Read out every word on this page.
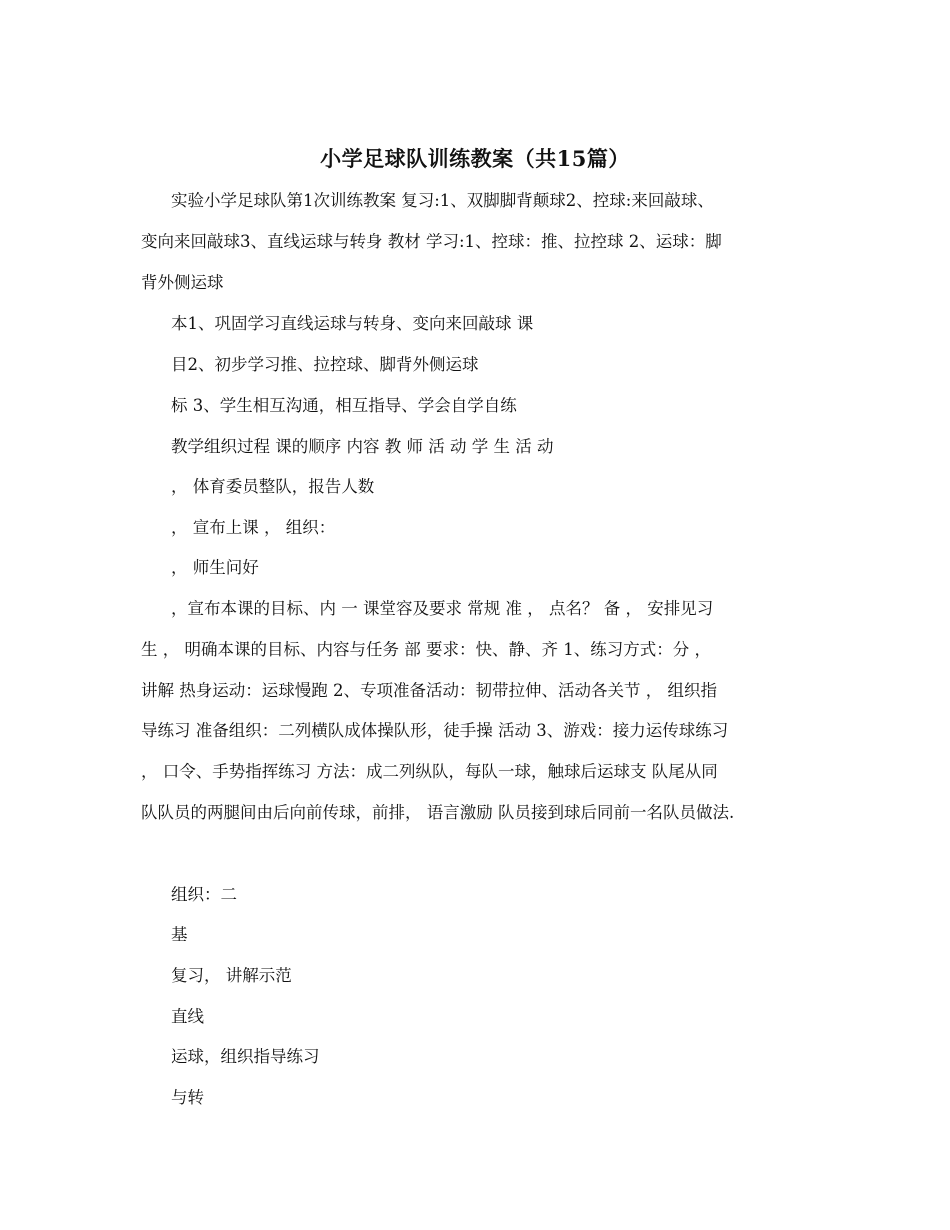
小学足球队训练教案（共15篇）

实验小学足球队第1次训练教案 复习:1、双脚脚背颠球2、控球:来回敲球、

变向来回敲球3、直线运球与转身 教材 学习:1、控球：推、拉控球 2、运球：脚

背外侧运球

本1、巩固学习直线运球与转身、变向来回敲球 课

目2、初步学习推、拉控球、脚背外侧运球

标 3、学生相互沟通，相互指导、学会自学自练

教学组织过程 课的顺序 内容 教 师 活 动 学 生 活 动

， 体育委员整队，报告人数

， 宣布上课 ， 组织：

， 师生问好

，宣布本课的目标、内 一 课堂容及要求 常规 准 ， 点名？ 备 ， 安排见习

生 ， 明确本课的目标、内容与任务 部 要求：快、静、齐 1、练习方式：分 ，

讲解 热身运动：运球慢跑 2、专项准备活动：韧带拉伸、活动各关节 ， 组织指

导练习 准备组织：二列横队成体操队形，徒手操 活动 3、游戏：接力运传球练习

， 口令、手势指挥练习 方法：成二列纵队，每队一球，触球后运球支 队尾从同

队队员的两腿间由后向前传球，前排， 语言激励 队员接到球后同前一名队员做法.

组织：二

基

复习， 讲解示范

直线

运球，组织指导练习

与转
